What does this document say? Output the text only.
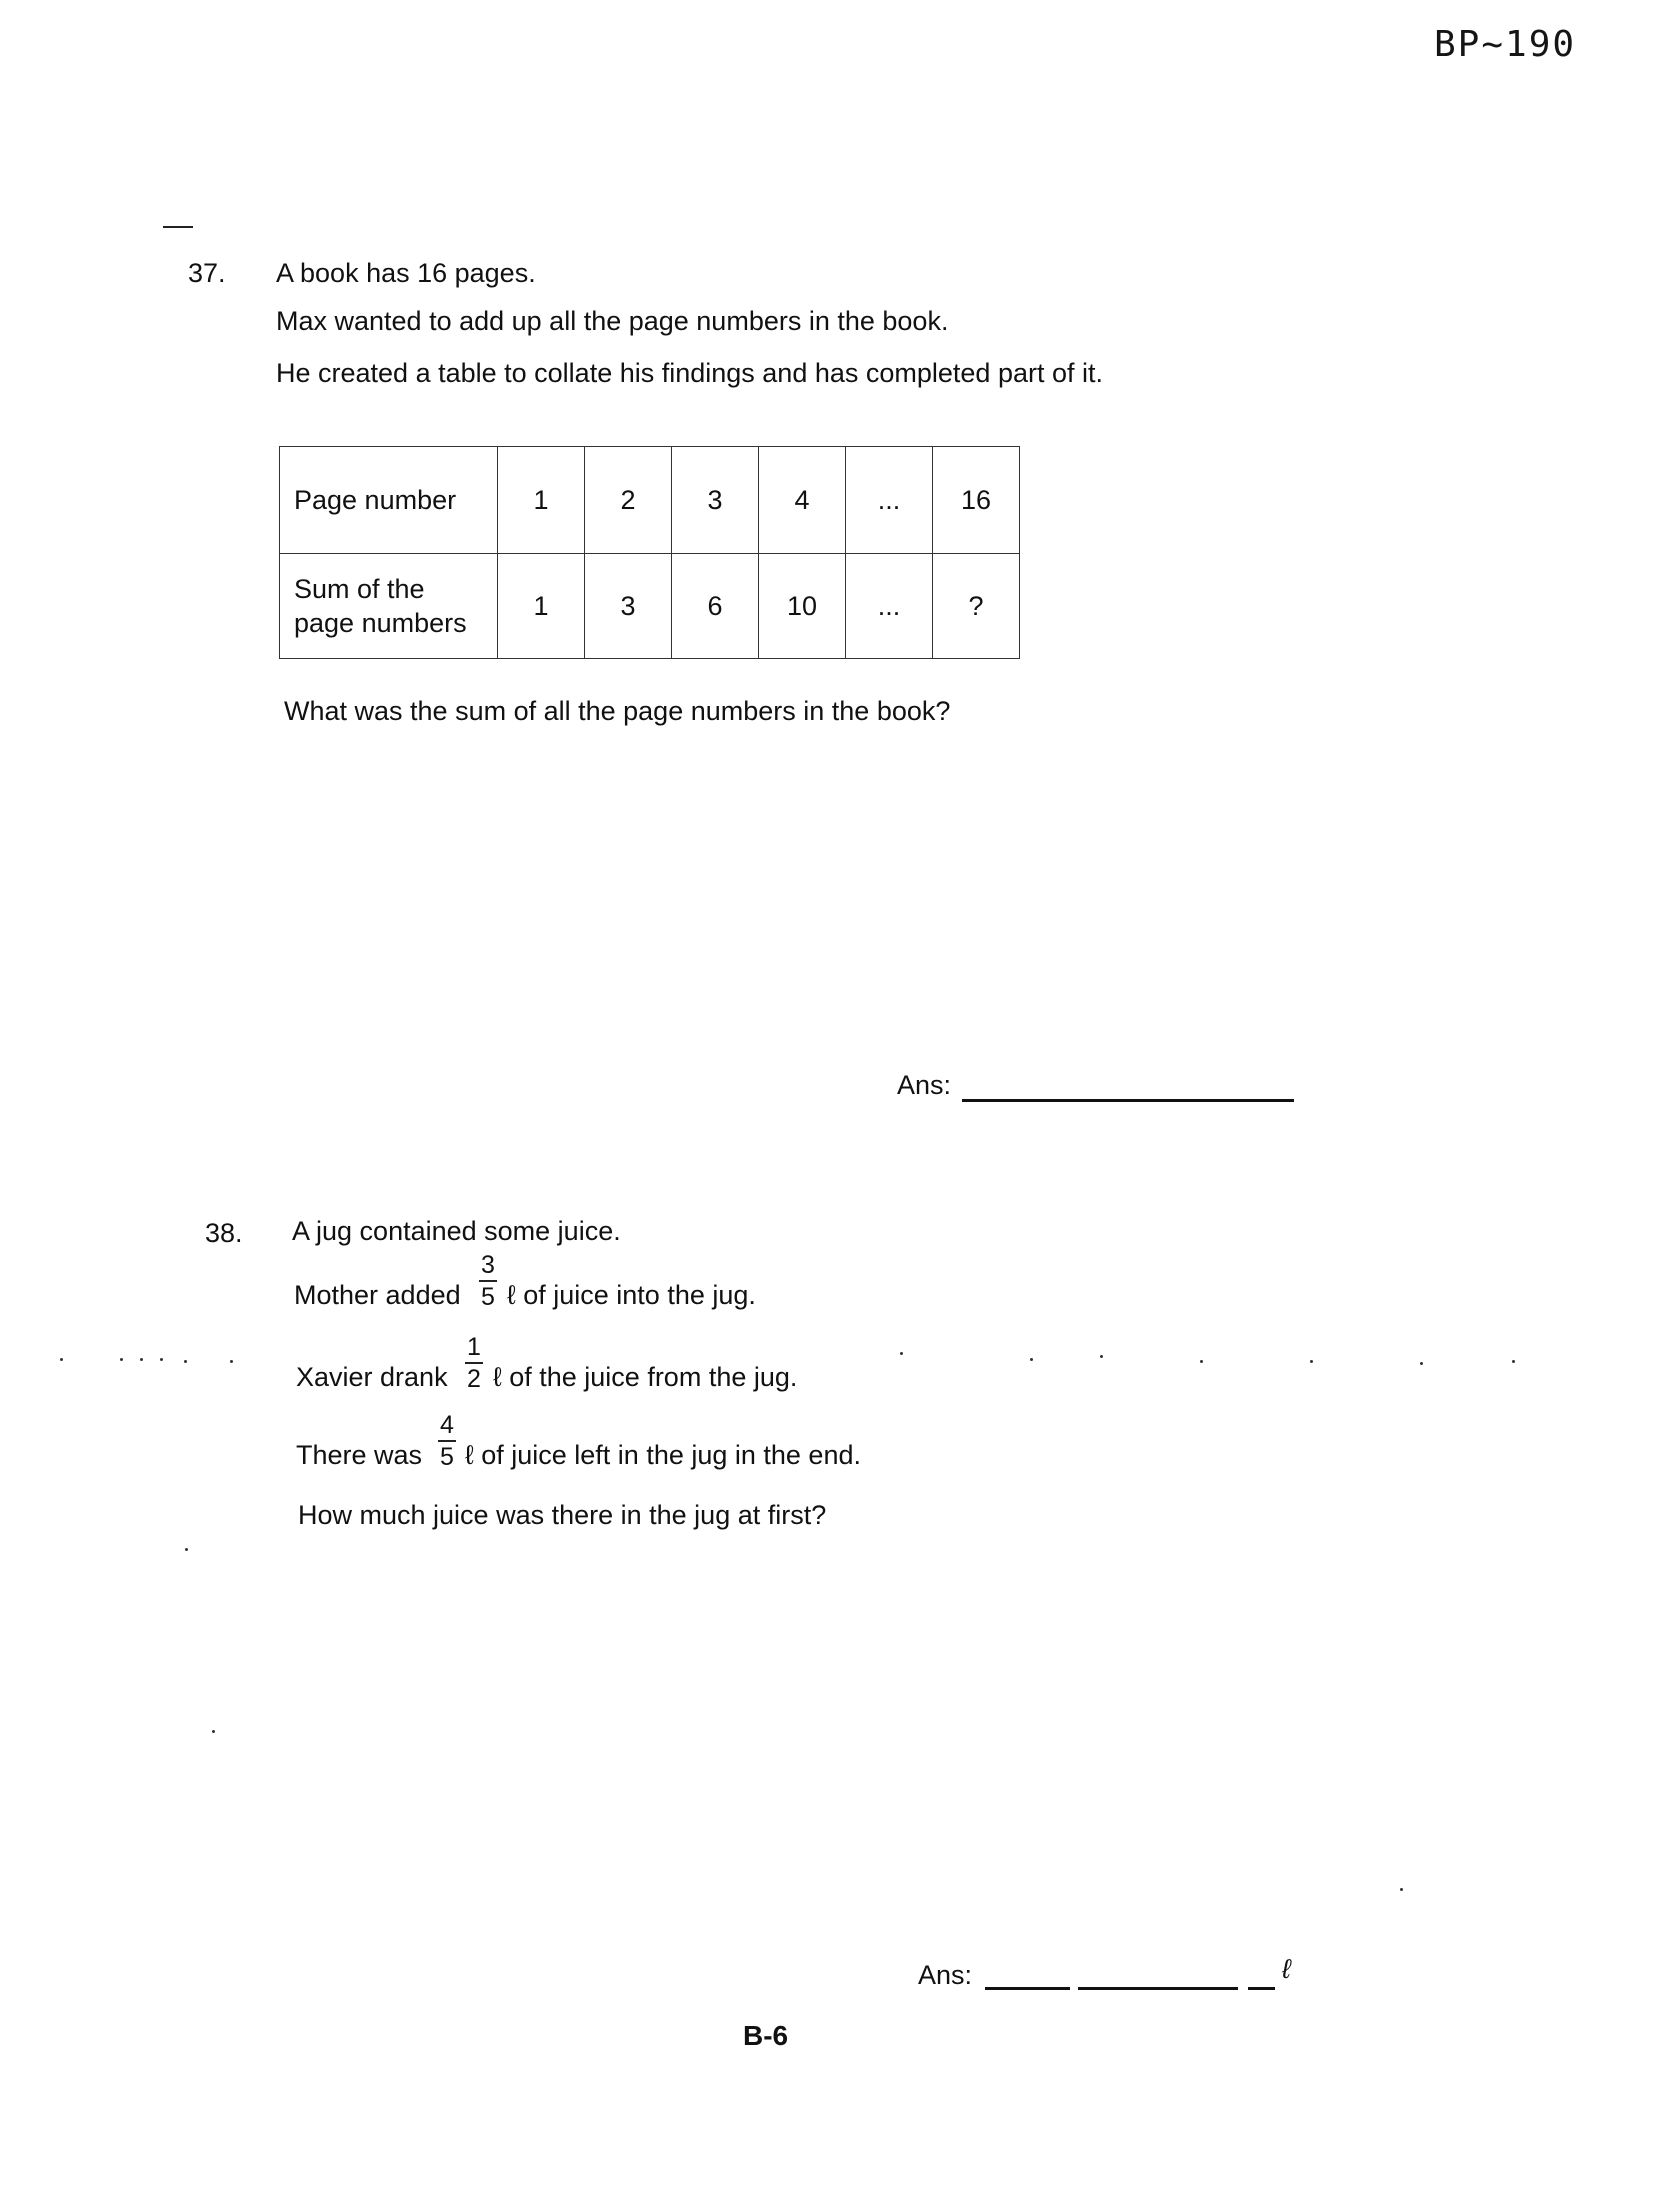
BP~190
37. A book has 16 pages.
Max wanted to add up all the page numbers in the book.
He created a table to collate his findings and has completed part of it.
Page number	1	2	3	4	...	16

Sum of the
page numbers	1	3	6	10	...	?
What was the sum of all the page numbers in the book?
Ans:
38. A jug contained some juice.
Mother added
3
5 ℓ of juice into the jug.
Xavier drank
1
2 ℓ of the juice from the jug.
There was
4
5 ℓ of juice left in the jug in the end.
How much juice was there in the jug at first?
Ans:	ℓ
B-6
